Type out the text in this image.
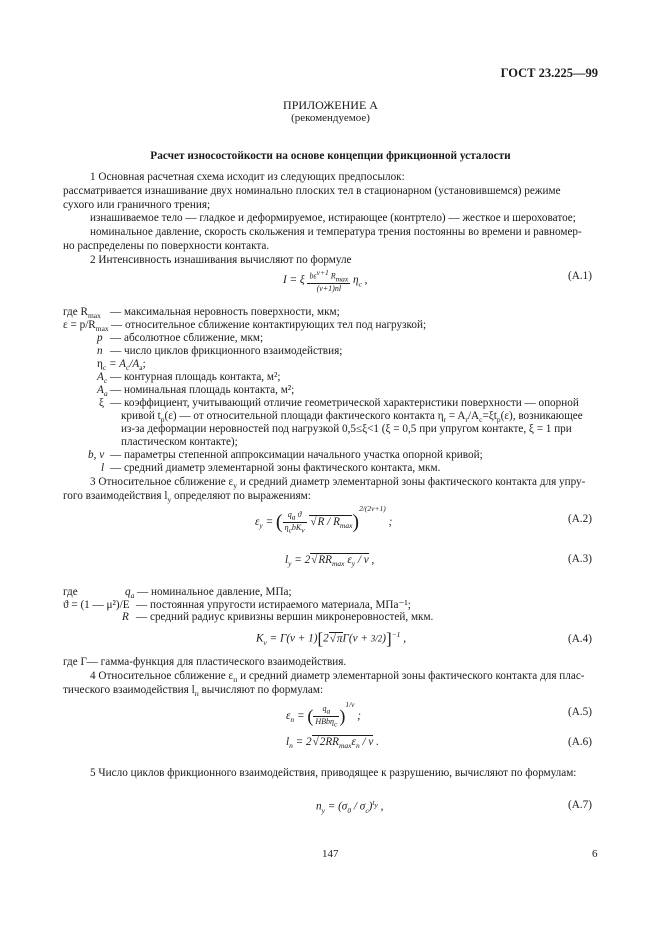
ГОСТ 23.225—99
ПРИЛОЖЕНИЕ А
(рекомендуемое)
Расчет износостойкости на основе концепции фрикционной усталости
1 Основная расчетная схема исходит из следующих предпосылок:
рассматривается изнашивание двух номинально плоских тел в стационарном (установившемся) режиме
сухого или граничного трения;
изнашиваемое тело — гладкое и деформируемое, истирающее (контртело) — жесткое и шероховатое;
номинальное давление, скорость скольжения и температура трения постоянны во времени и равномер-
но распределены по поверхности контакта.
2 Интенсивность изнашивания вычисляют по формуле
I = ξ $\frac{b\varepsilon^{\nu+1} R_{max}}{(\nu+1)nl} \eta_c$ ,	(А.1)
где $R_{max}$ — максимальная неровность поверхности, мкм;
$\varepsilon = p/R_{max}$ — относительное сближение контактирующих тел под нагрузкой;
p — абсолютное сближение, мкм;
n — число циклов фрикционного взаимодействия;
$\eta_c = A_c/A_a$;
$A_c$ — контурная площадь контакта, м²;
$A_a$ — номинальная площадь контакта, м²;
ξ — коэффициент, учитывающий отличие геометрической характеристики поверхности — опорной
кривой $t_p(\varepsilon)$ — от относительной площади фактического контакта $\eta_r = A_r/A_c=\xi t_p(\varepsilon)$, возникающее
из-за деформации неровностей под нагрузкой 0,5≤ξ<1 (ξ = 0,5 при упругом контакте, ξ = 1 при
пластическом контакте);
b, ν — параметры степенной аппроксимации начального участка опорной кривой;
l — средний диаметр элементарной зоны фактического контакта, мкм.
3 Относительное сближение $\varepsilon_y$ и средний диаметр элементарной зоны фактического контакта для упру-
гого взаимодействия $l_y$ определяют по выражениям:
$\varepsilon_y$ = ( $\frac{q_a ϑ}{\eta_cbK_\nu} √R / R_{max})^{2/(2\nu+1)}$ ;	(А.2)
$l_y = 2√RR_{max}$ $\varepsilon_y$ / ν ,	(А.3)
где	$q_a$ — номинальное давление, МПа;
ϑ = (1 — μ²)/E — постоянная упругости истираемого материала, МПа⁻¹;
R — средний радиус кривизны вершин микронеровностей, мкм.
$K_\nu = Г(\nu + 1)[2√\pi Г(\nu + 3/2)]^{-1}$ ,	(А.4)
где Г— гамма-функция для пластического взаимодействия.
4 Относительное сближение $\varepsilon_п$ и средний диаметр элементарной зоны фактического контакта для плас-
тического взаимодействия $l_п$ вычисляют по формулам:
$\varepsilon_п$ = ( $\frac{q_a}{HBb\eta_c} )^{1/\nu}$ ;	(А.5)
$l_п = 2√2RR_{max}\varepsilon_п / \nu$ .	(А.6)
5 Число циклов фрикционного взаимодействия, приводящее к разрушению, вычисляют по формулам:
$n_y = (\sigma_0 / \sigma_c)^{t_y}$ ,	(А.7)
147	6
